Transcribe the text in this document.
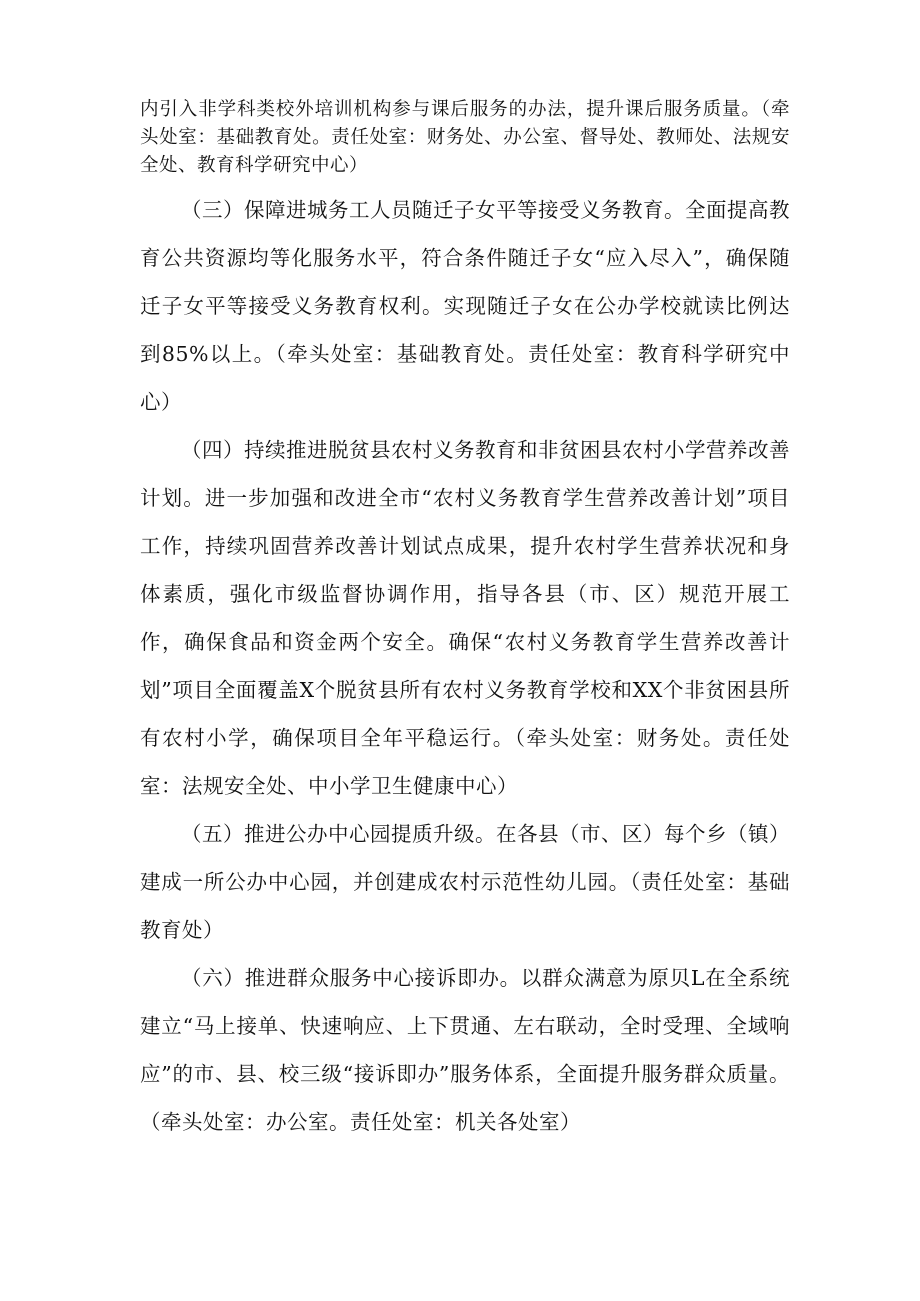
内引入非学科类校外培训机构参与课后服务的办法，提升课后服务质量。（牵头处室：基础教育处。责任处室：财务处、办公室、督导处、教师处、法规安全处、教育科学研究中心）

（三）保障进城务工人员随迁子女平等接受义务教育。全面提高教育公共资源均等化服务水平，符合条件随迁子女“应入尽入”，确保随迁子女平等接受义务教育权利。实现随迁子女在公办学校就读比例达到85%以上。（牵头处室：基础教育处。责任处室：教育科学研究中心）

（四）持续推进脱贫县农村义务教育和非贫困县农村小学营养改善计划。进一步加强和改进全市“农村义务教育学生营养改善计划”项目工作，持续巩固营养改善计划试点成果，提升农村学生营养状况和身体素质，强化市级监督协调作用，指导各县（市、区）规范开展工作，确保食品和资金两个安全。确保“农村义务教育学生营养改善计划”项目全面覆盖X个脱贫县所有农村义务教育学校和XX个非贫困县所有农村小学，确保项目全年平稳运行。（牵头处室：财务处。责任处室：法规安全处、中小学卫生健康中心）

（五）推进公办中心园提质升级。在各县（市、区）每个乡（镇）建成一所公办中心园，并创建成农村示范性幼儿园。（责任处室：基础教育处）

（六）推进群众服务中心接诉即办。以群众满意为原贝L在全系统建立“马上接单、快速响应、上下贯通、左右联动，全时受理、全域响应”的市、县、校三级“接诉即办”服务体系，全面提升服务群众质量。（牵头处室：办公室。责任处室：机关各处室）
